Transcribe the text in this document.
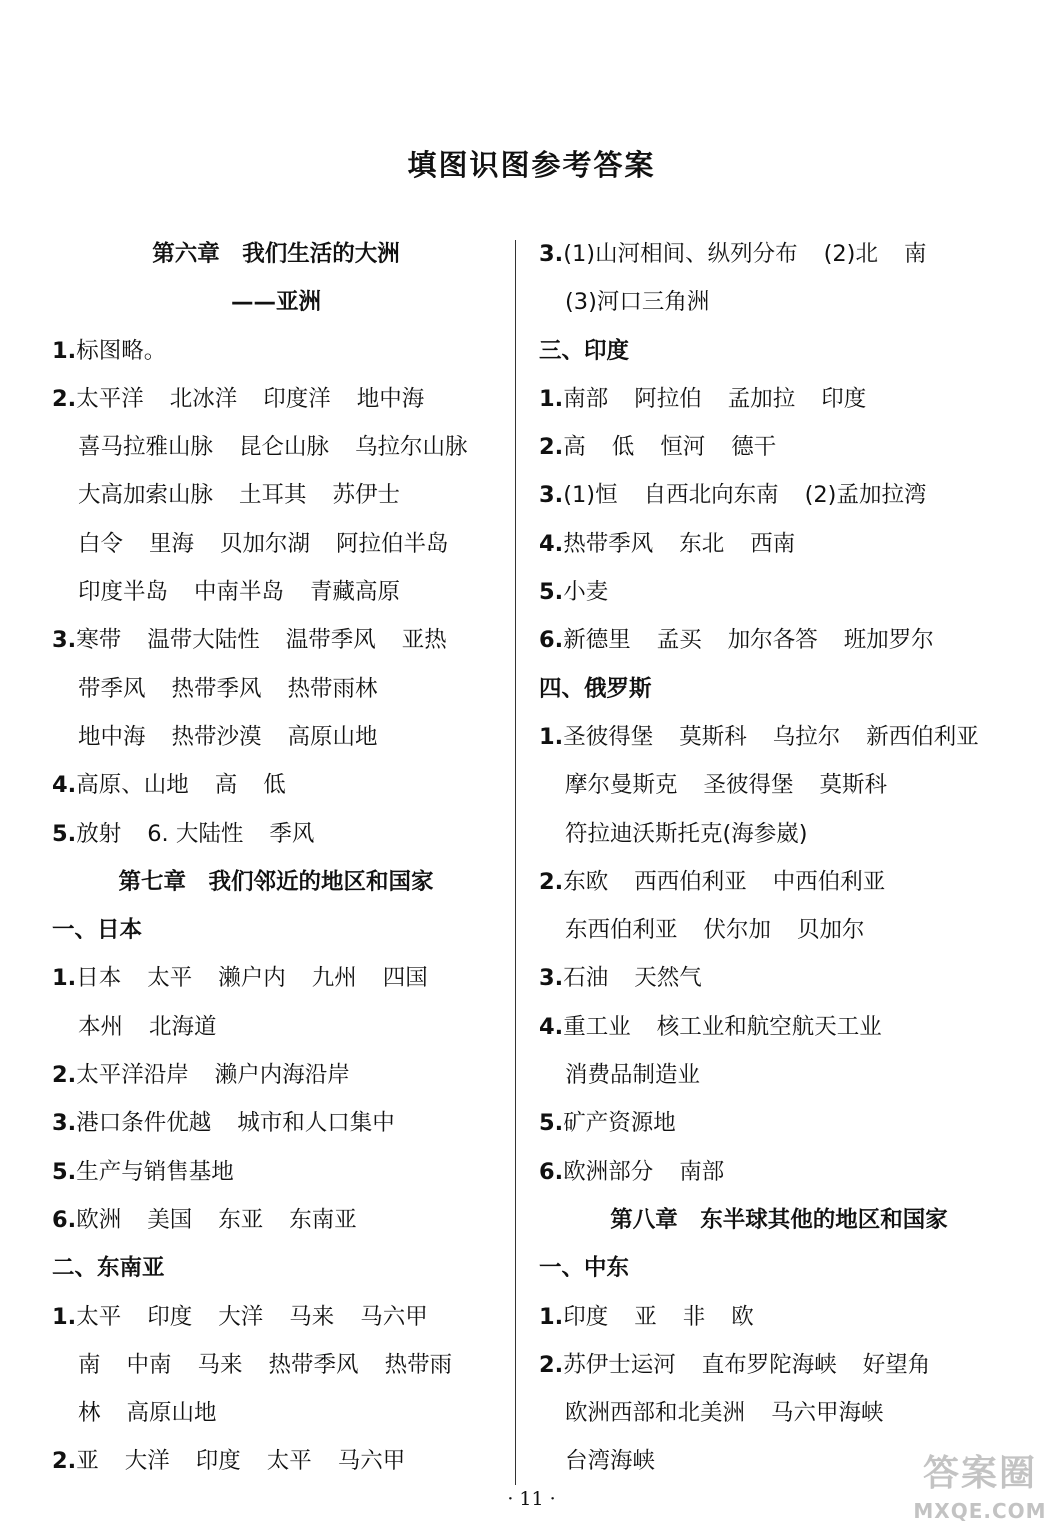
填图识图参考答案
第六章　我们生活的大洲
——亚洲
1.标图略。
2.太平洋 北冰洋 印度洋 地中海
喜马拉雅山脉 昆仑山脉 乌拉尔山脉
大高加索山脉 土耳其 苏伊士
白令 里海 贝加尔湖 阿拉伯半岛
印度半岛 中南半岛 青藏高原
3.寒带 温带大陆性 温带季风 亚热
带季风 热带季风 热带雨林
地中海 热带沙漠 高原山地
4.高原、山地 高 低
5.放射 6. 大陆性 季风
第七章　我们邻近的地区和国家
一、日本
1.日本 太平 濑户内 九州 四国
本州 北海道
2.太平洋沿岸 濑户内海沿岸
3.港口条件优越 城市和人口集中
5.生产与销售基地
6.欧洲 美国 东亚 东南亚
二、东南亚
1.太平 印度 大洋 马来 马六甲
南 中南 马来 热带季风 热带雨
林 高原山地
2.亚 大洋 印度 太平 马六甲
3.(1)山河相间、纵列分布 (2)北 南
(3)河口三角洲
三、印度
1.南部 阿拉伯 孟加拉 印度
2.高 低 恒河 德干
3.(1)恒 自西北向东南 (2)孟加拉湾
4.热带季风 东北 西南
5.小麦
6.新德里 孟买 加尔各答 班加罗尔
四、俄罗斯
1.圣彼得堡 莫斯科 乌拉尔 新西伯利亚
摩尔曼斯克 圣彼得堡 莫斯科
符拉迪沃斯托克(海参崴)
2.东欧 西西伯利亚 中西伯利亚
东西伯利亚 伏尔加 贝加尔
3.石油 天然气
4.重工业 核工业和航空航天工业
消费品制造业
5.矿产资源地
6.欧洲部分 南部
第八章　东半球其他的地区和国家
一、中东
1.印度 亚 非 欧
2.苏伊士运河 直布罗陀海峡 好望角
欧洲西部和北美洲 马六甲海峡
台湾海峡
· 11 ·
答案圈
MXQE.COM
